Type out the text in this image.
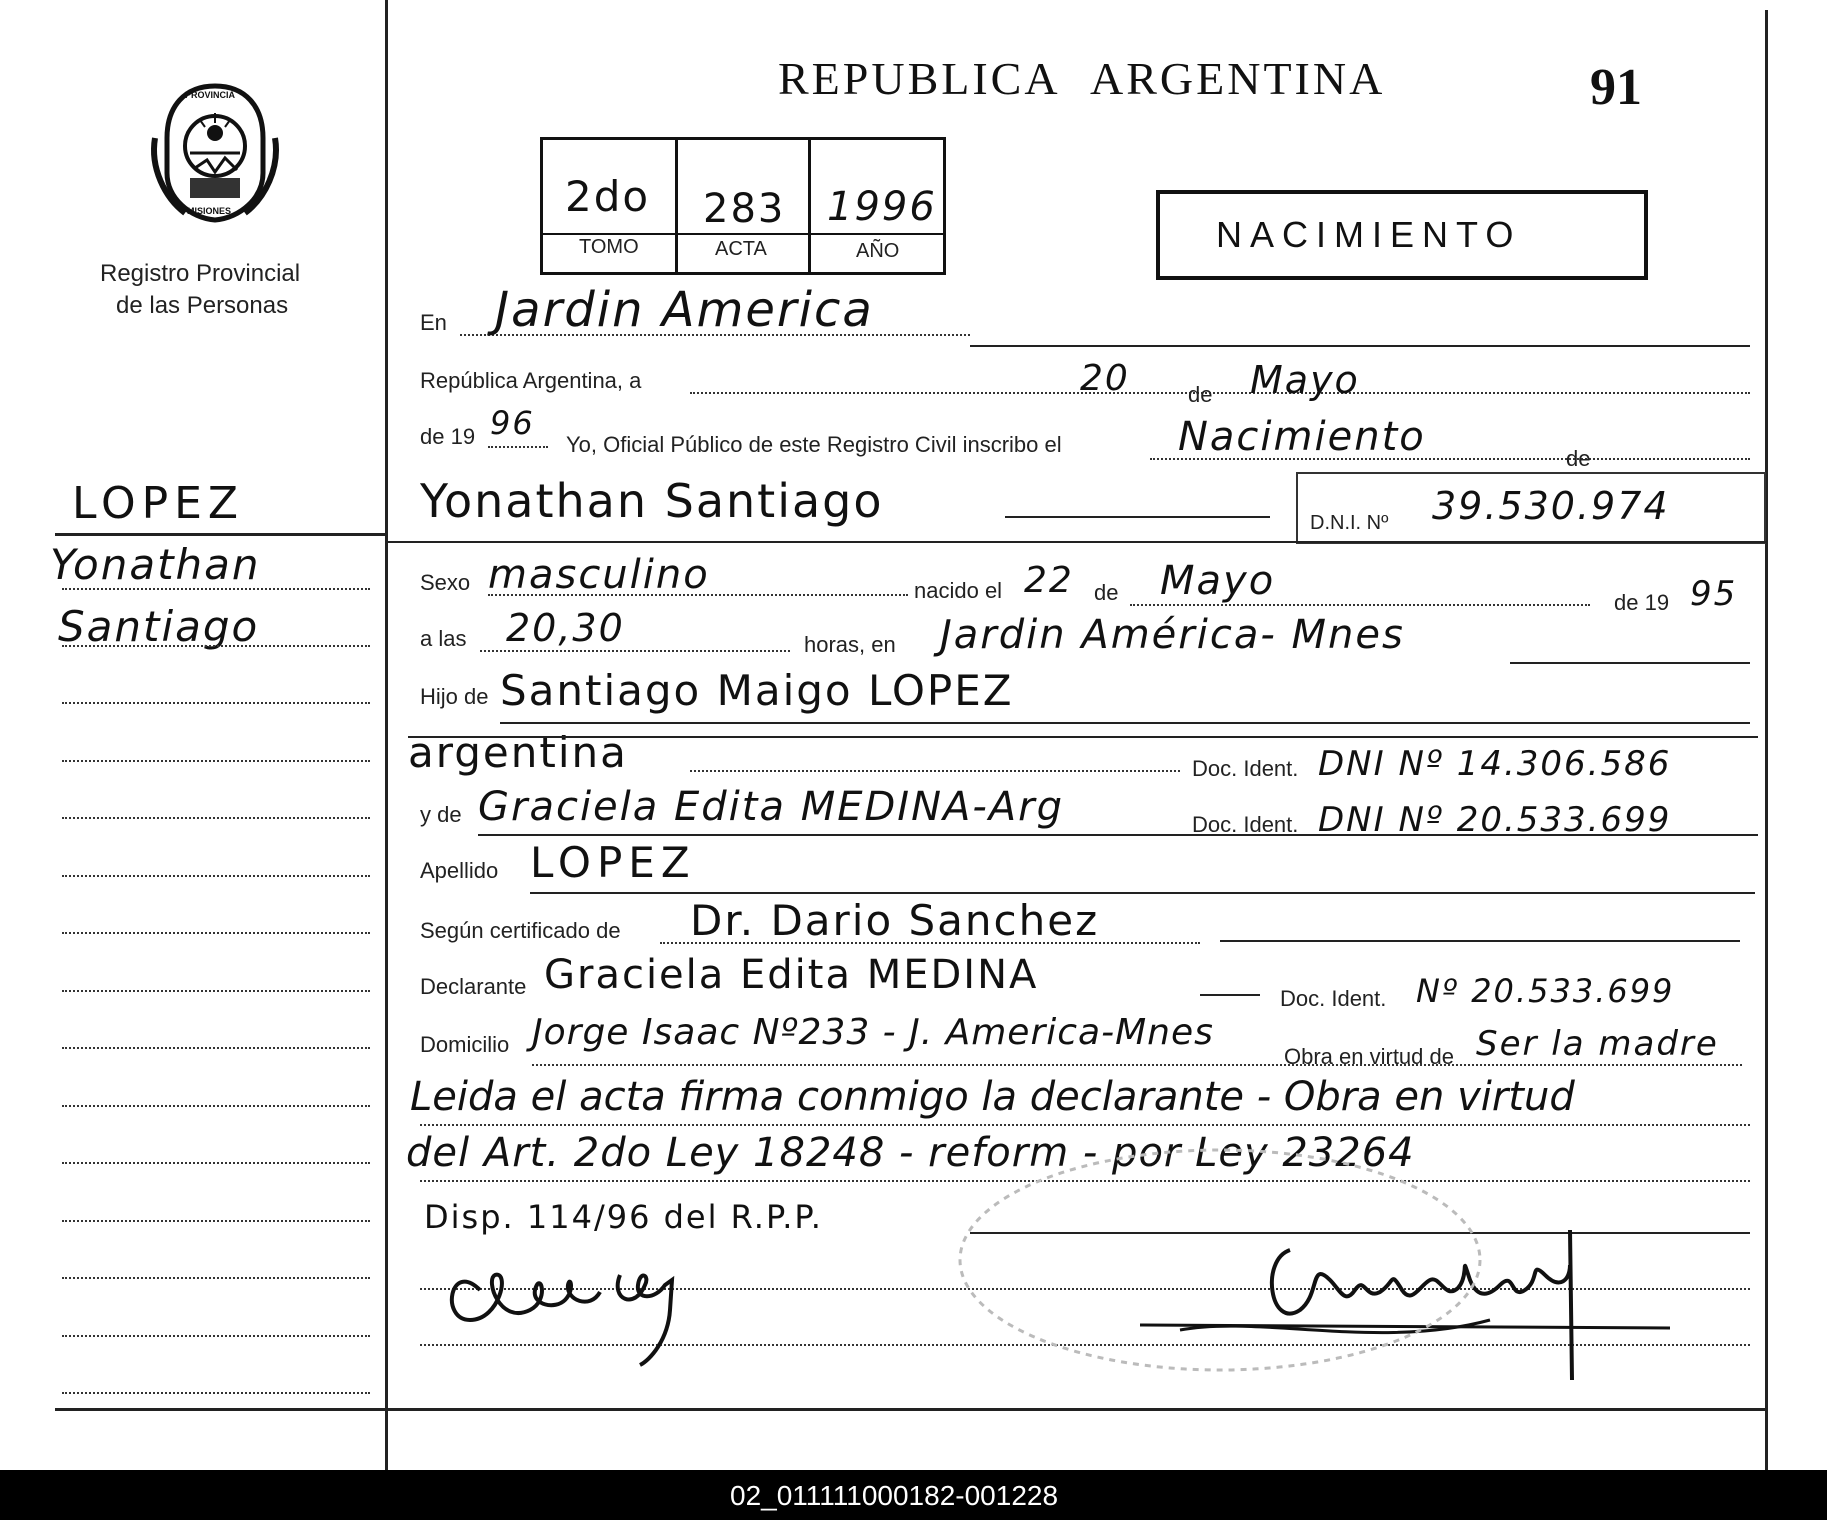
PROVINCIA
MISIONES
Registro Provincial
de las Personas
LOPEZ
Yonathan
Santiago
REPUBLICA ARGENTINA	91
2do 283 1996
TOMO	ACTA	AÑO	NACIMIENTO
En Jardin America
República Argentina, a	20	de Mayo
de 19 96
Yo, Oficial Público de este Registro Civil inscribo el	Nacimiento	de
Yonathan Santiago	D.N.I. Nº 39.530.974
Sexo masculino	nacido el 22 de Mayo	de 19 95
a las 20,30	horas, en Jardin América- Mnes
Hijo de Santiago Maigo LOPEZ
argentina	Doc. Ident. DNI Nº 14.306.586
y de Graciela Edita MEDINA-Arg	Doc. Ident. DNI Nº 20.533.699
Apellido LOPEZ
Según certificado de Dr. Dario Sanchez
Declarante Graciela Edita MEDINA
Doc. Ident. Nº 20.533.699
Domicilio Jorge Isaac Nº233 - J. America-Mnes
Obra en virtud de Ser la madre
Leida el acta firma conmigo la declarante - Obra en virtud
del Art. 2do Ley 18248 - reform - por Ley 23264
Disp. 114/96 del R.P.P.
02_011111000182-001228
